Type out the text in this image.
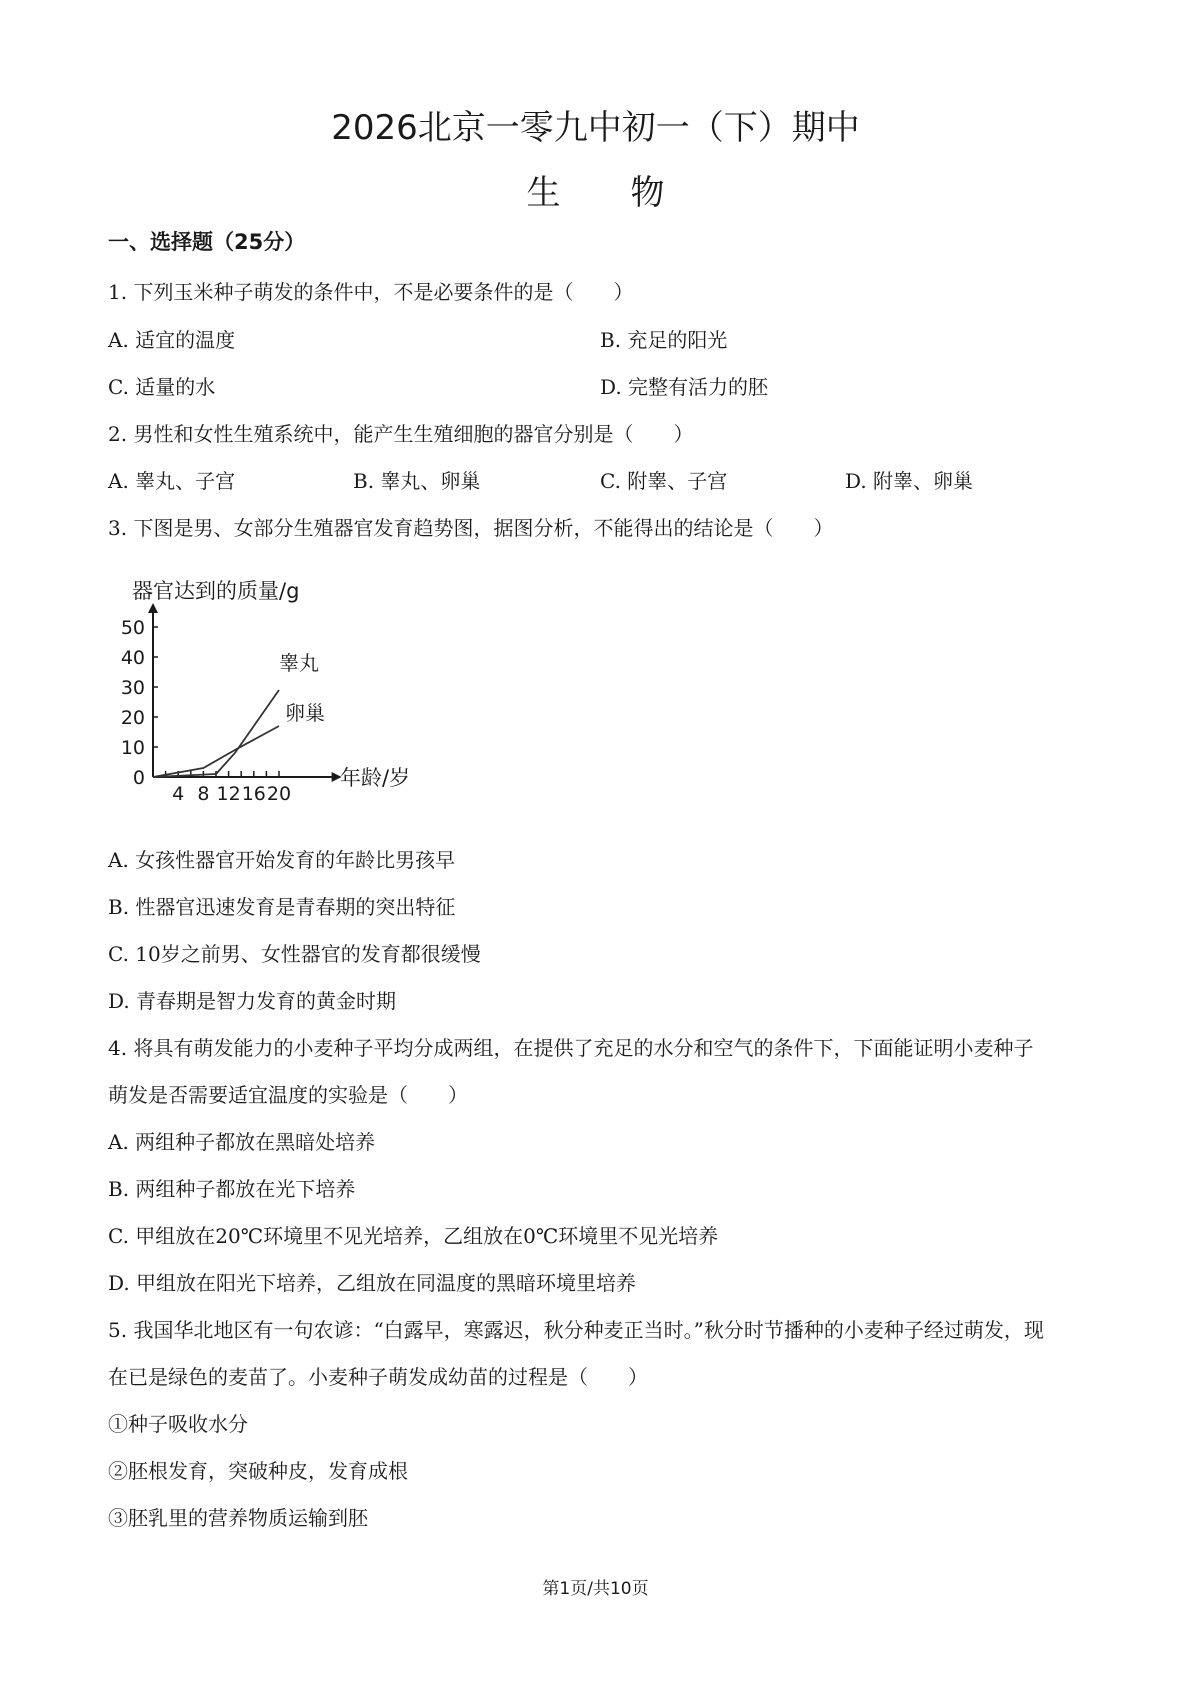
2026北京一零九中初一（下）期中
生物
一、选择题（25分）
1. 下列玉米种子萌发的条件中，不是必要条件的是（　　）
A. 适宜的温度	B. 充足的阳光
C. 适量的水	D. 完整有活力的胚
2. 男性和女性生殖系统中，能产生生殖细胞的器官分别是（　　）
A. 睾丸、子宫	B. 睾丸、卵巢	C. 附睾、子宫	D. 附睾、卵巢
3. 下图是男、女部分生殖器官发育趋势图，据图分析，不能得出的结论是（　　）
器官达到的质量/g
0
10
20
30
40
50
4 8 12 16 20
睾丸
卵巢
年龄/岁
A. 女孩性器官开始发育的年龄比男孩早
B. 性器官迅速发育是青春期的突出特征
C. 10岁之前男、女性器官的发育都很缓慢
D. 青春期是智力发育的黄金时期
4. 将具有萌发能力的小麦种子平均分成两组，在提供了充足的水分和空气的条件下，下面能证明小麦种子
萌发是否需要适宜温度的实验是（　　）
A. 两组种子都放在黑暗处培养
B. 两组种子都放在光下培养
C. 甲组放在20℃环境里不见光培养，乙组放在0℃环境里不见光培养
D. 甲组放在阳光下培养，乙组放在同温度的黑暗环境里培养
5. 我国华北地区有一句农谚：“白露早，寒露迟，秋分种麦正当时。”秋分时节播种的小麦种子经过萌发，现
在已是绿色的麦苗了。小麦种子萌发成幼苗的过程是（　　）
①种子吸收水分
②胚根发育，突破种皮，发育成根
③胚乳里的营养物质运输到胚
第1页/共10页
